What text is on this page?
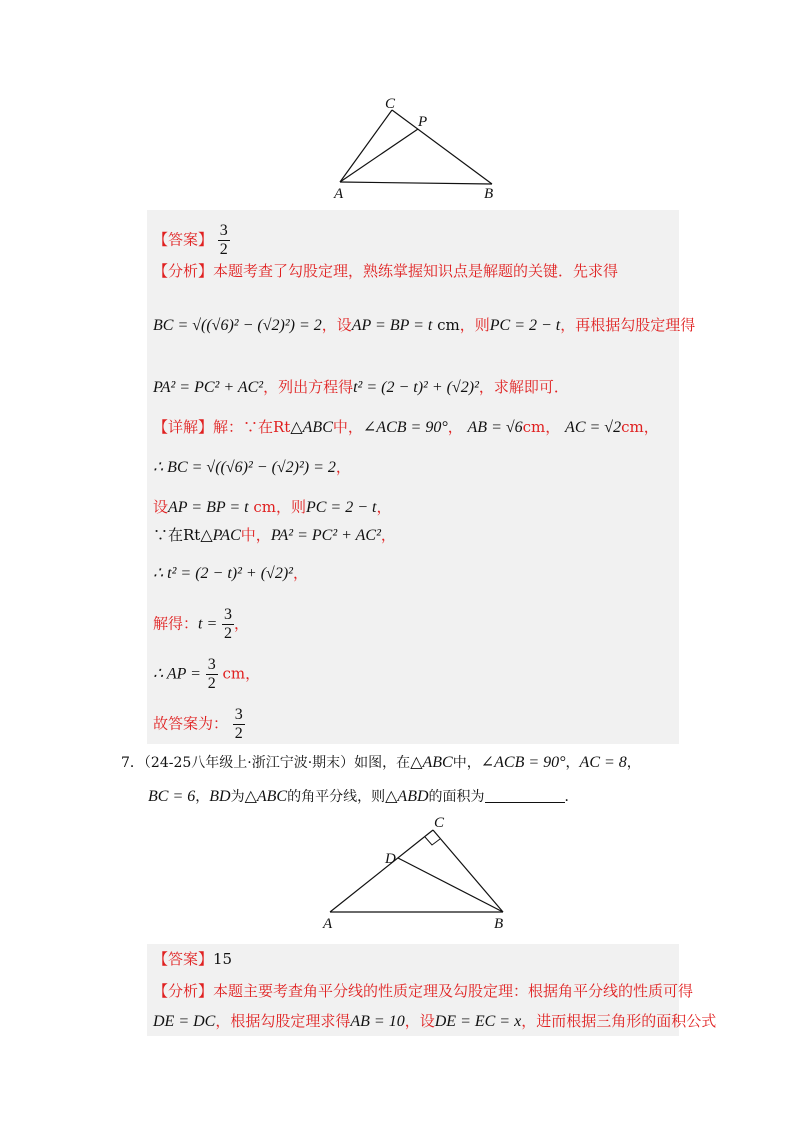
C
P
A	B
【答案】 $\frac{3}{2}$
【分析】本题考查了勾股定理，熟练掌握知识点是解题的关键．先求得
BC = √((√6)² − (√2)²) = 2，设AP = BP = t cm，则PC = 2 − t，再根据勾股定理得
PA² = PC² + AC²，列出方程得t² = (2 − t)² + (√2)²，求解即可．
【详解】解：∵在Rt△ABC中，∠ACB = 90°， AB = √6cm， AC = √2cm，
∴ BC = √((√6)² − (√2)²) = 2，
设AP = BP = t cm，则PC = 2 − t，
∵在Rt△PAC中，PA² = PC² + AC²，
∴ t² = (2 − t)² + (√2)²，
解得：$t = \frac{3}{2}$ ，
∴ AP = $\frac{3}{2}$ cm，
故答案为： $\frac{3}{2}$
7．（24-25八年级上·浙江宁波·期末）如图，在△ABC中，∠ACB = 90°，AC = 8，
BC = 6，BD为△ABC的角平分线，则△ABD的面积为	．
C
D
A	B
【答案】15
【分析】本题主要考查角平分线的性质定理及勾股定理：根据角平分线的性质可得
DE = DC，根据勾股定理求得AB = 10，设DE = EC = x，进而根据三角形的面积公式
